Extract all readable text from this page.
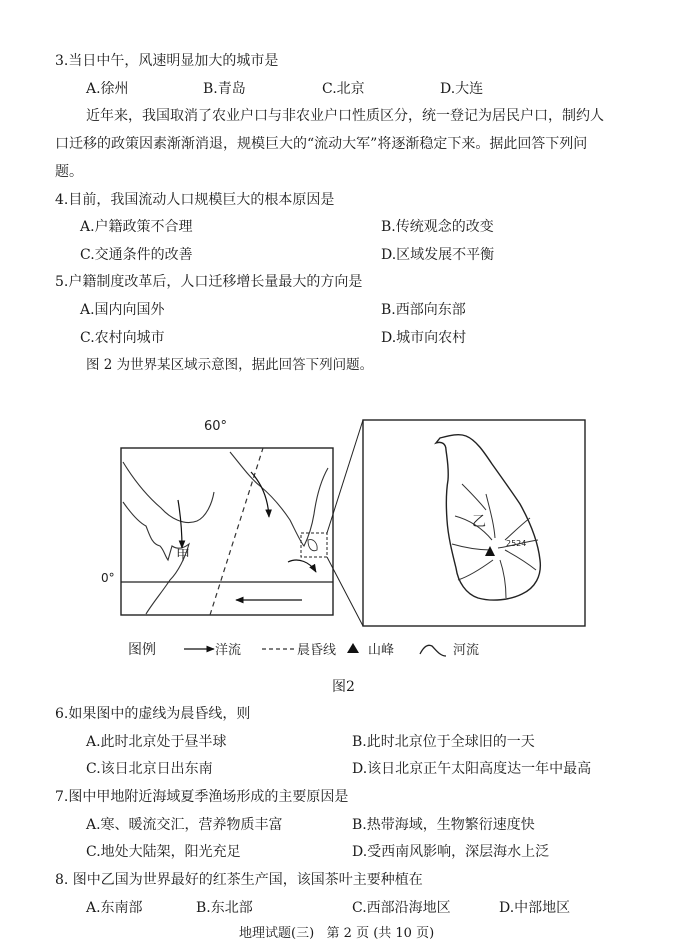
3.当日中午，风速明显加大的城市是
A.徐州	B.青岛	C.北京	D.大连
近年来，我国取消了农业户口与非农业户口性质区分，统一登记为居民户口，制约人
口迁移的政策因素渐渐消退，规模巨大的“流动大军”将逐渐稳定下来。据此回答下列问
题。
4.目前，我国流动人口规模巨大的根本原因是
A.户籍政策不合理	B.传统观念的改变
C.交通条件的改善	D.区域发展不平衡
5.户籍制度改革后，人口迁移增长量最大的方向是
A.国内向国外	B.西部向东部
C.农村向城市	D.城市向农村
图 2 为世界某区域示意图，据此回答下列问题。
2524
60°
0°
甲
乙
图例	洋流	晨昏线 山峰	河流
图2
6.如果图中的虚线为晨昏线，则
A.此时北京处于昼半球	B.此时北京位于全球旧的一天
C.该日北京日出东南	D.该日北京正午太阳高度达一年中最高
7.图中甲地附近海域夏季渔场形成的主要原因是
A.寒、暖流交汇，营养物质丰富	B.热带海域，生物繁衍速度快
C.地处大陆架，阳光充足	D.受西南风影响，深层海水上泛
8. 图中乙国为世界最好的红茶生产国，该国茶叶主要种植在
A.东南部	B.东北部	C.西部沿海地区	D.中部地区
地理试题(三)   第 2 页 (共 10 页)
